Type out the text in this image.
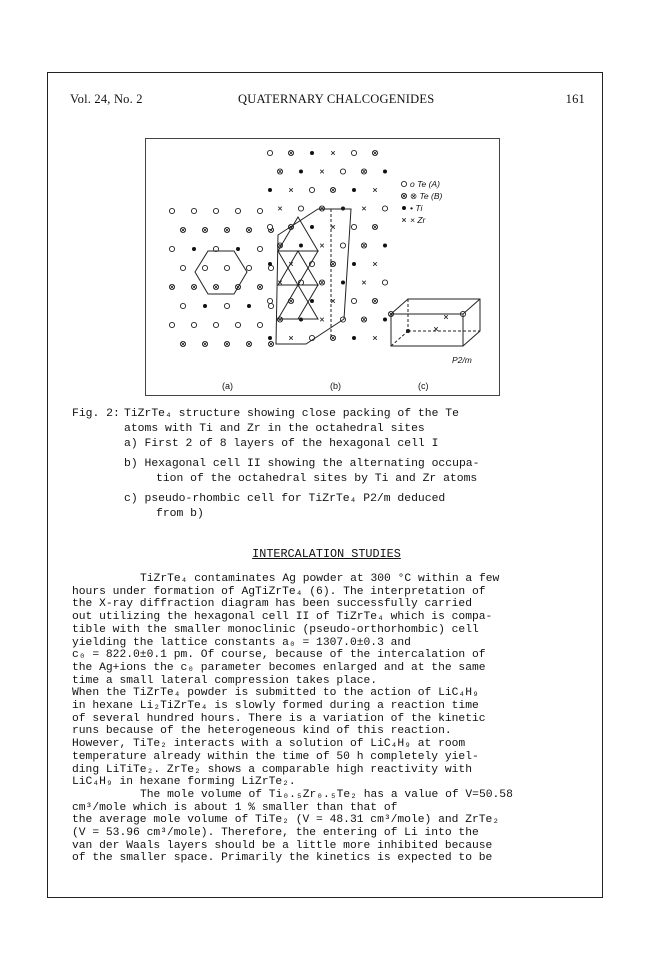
Vol. 24, No. 2	QUATERNARY CHALCOGENIDES	161
o Te (A)
⊗ Te (B)
• Ti
× Zr
P2/m
(a)	(b)	(c)
Fig. 2: TiZrTe₄ structure showing close packing of the Te
atoms with Ti and Zr in the octahedral sites
a) First 2 of 8 layers of the hexagonal cell I
b) Hexagonal cell II showing the alternating occupa-
tion of the octahedral sites by Ti and Zr atoms
c) pseudo-rhombic cell for TiZrTe₄ P2/m deduced
from b)
INTERCALATION STUDIES
TiZrTe₄ contaminates Ag powder at 300 °C within a few
hours under formation of AgTiZrTe₄ (6). The interpretation of
the X-ray diffraction diagram has been successfully carried
out utilizing the hexagonal cell II of TiZrTe₄ which is compa-
tible with the smaller monoclinic (pseudo-orthorhombic) cell
yielding the lattice constants a₀ = 1307.0±0.3 and
c₀ = 822.0±0.1 pm. Of course, because of the intercalation of
the Ag+ions the c₀ parameter becomes enlarged and at the same
time a small lateral compression takes place.
When the TiZrTe₄ powder is submitted to the action of LiC₄H₉
in hexane Li₂TiZrTe₄ is slowly formed during a reaction time
of several hundred hours. There is a variation of the kinetic
runs because of the heterogeneous kind of this reaction.
However, TiTe₂ interacts with a solution of LiC₄H₉ at room
temperature already within the time of 50 h completely yiel-
ding LiTiTe₂. ZrTe₂ shows a comparable high reactivity with
LiC₄H₉ in hexane forming LiZrTe₂.
The mole volume of Ti₀.₅Zr₀.₅Te₂ has a value of V=50.58
cm³/mole which is about 1 % smaller than that of
the average mole volume of TiTe₂ (V = 48.31 cm³/mole) and ZrTe₂
(V = 53.96 cm³/mole). Therefore, the entering of Li into the
van der Waals layers should be a little more inhibited because
of the smaller space. Primarily the kinetics is expected to be
